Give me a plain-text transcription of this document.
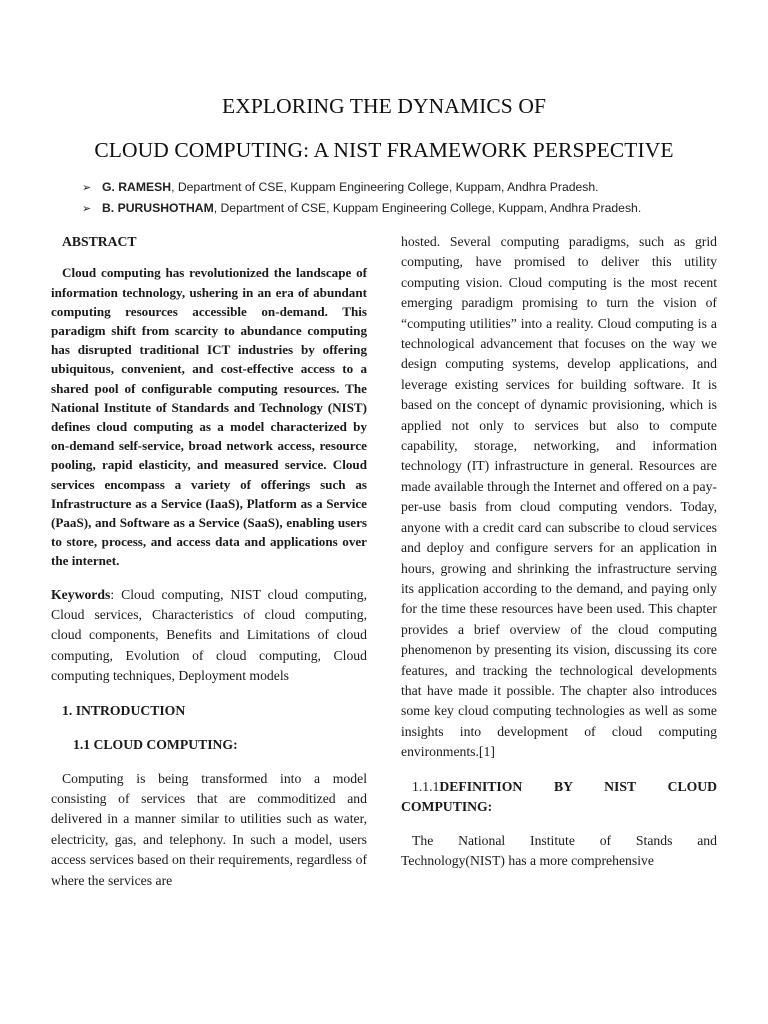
EXPLORING THE DYNAMICS OF
CLOUD COMPUTING: A NIST FRAMEWORK PERSPECTIVE
➢ G. RAMESH, Department of CSE, Kuppam Engineering College, Kuppam, Andhra Pradesh.
➢ B. PURUSHOTHAM, Department of CSE, Kuppam Engineering College, Kuppam, Andhra Pradesh.
ABSTRACT

Cloud computing has revolutionized the landscape of information technology, ushering in an era of abundant computing resources accessible on-demand. This paradigm shift from scarcity to abundance computing has disrupted traditional ICT industries by offering ubiquitous, convenient, and cost-effective access to a shared pool of configurable computing resources. The National Institute of Standards and Technology (NIST) defines cloud computing as a model characterized by on-demand self-service, broad network access, resource pooling, rapid elasticity, and measured service. Cloud services encompass a variety of offerings such as Infrastructure as a Service (IaaS), Platform as a Service (PaaS), and Software as a Service (SaaS), enabling users to store, process, and access data and applications over the internet.

Keywords: Cloud computing, NIST cloud computing, Cloud services, Characteristics of cloud computing, cloud components, Benefits and Limitations of cloud computing, Evolution of cloud computing, Cloud computing techniques, Deployment models

1. INTRODUCTION
1.1 CLOUD COMPUTING:

Computing is being transformed into a model consisting of services that are commoditized and delivered in a manner similar to utilities such as water, electricity, gas, and telephony. In such a model, users access services based on their requirements, regardless of where the services are

hosted. Several computing paradigms, such as grid computing, have promised to deliver this utility computing vision. Cloud computing is the most recent emerging paradigm promising to turn the vision of “computing utilities” into a reality. Cloud computing is a technological advancement that focuses on the way we design computing systems, develop applications, and leverage existing services for building software. It is based on the concept of dynamic provisioning, which is applied not only to services but also to compute capability, storage, networking, and information technology (IT) infrastructure in general. Resources are made available through the Internet and offered on a pay-per-use basis from cloud computing vendors. Today, anyone with a credit card can subscribe to cloud services and deploy and configure servers for an application in hours, growing and shrinking the infrastructure serving its application according to the demand, and paying only for the time these resources have been used. This chapter provides a brief overview of the cloud computing phenomenon by presenting its vision, discussing its core features, and tracking the technological developments that have made it possible. The chapter also introduces some key cloud computing technologies as well as some insights into development of cloud computing environments.[1]

1.1.1DEFINITION BY NIST CLOUD COMPUTING:

The National Institute of Stands and Technology(NIST) has a more comprehensive
